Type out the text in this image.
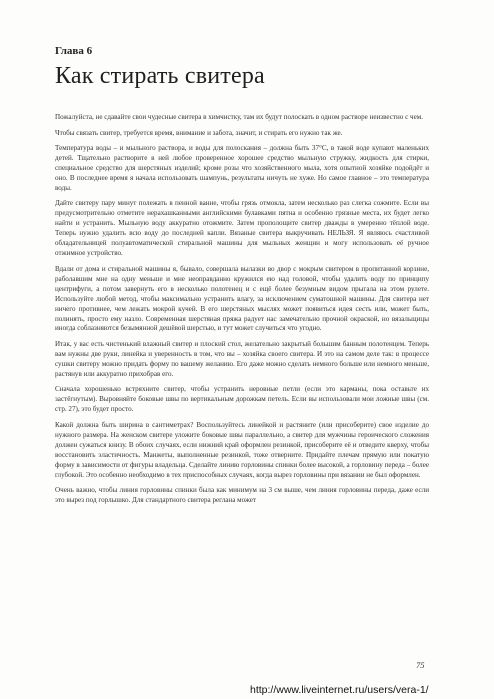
Глава 6
Как стирать свитера

Пожалуйста, не сдавайте свои чудесные свитера в химчистку, там их будут полоскать в одном растворе неизвестно с чем.

Чтобы связать свитер, требуется время, внимание и забота, значит, и стирать его нужно так же.

Температура воды – и мыльного раствора, и воды для полоскания – должна быть 37°С, в такой воде купают маленьких детей. Тщательно растворите в ней любое проверенное хорошее средство мыльную стружку, жидкость для стирки, специальное средство для шерстяных изделий; кроме розы что хозяйственного мыла, хотя опытной хозяйке подойдёт и оно. В последнее время я начала использовать шампунь, результаты ничуть не хуже. Но самое главное – это температура воды.

Дайте свитеру пару минут полежать в пенной ванне, чтобы грязь отмокла, затем несколько раз слегка сожмите. Если вы предусмотрительно отметите нерахашканными английскими булавками пятна и особенно грязные места, их будет легко найти и устранить. Мыльную воду аккуратно отожмите. Затем прополощите свитер дважды в умеренно тёплой воде. Теперь нужно удалить всю воду до последней капли. Вязаные свитера выкручивать НЕЛЬЗЯ. Я являюсь счастливой обладательницей полуавтоматической стиральной машины для мыльных женщин и могу использовать её ручное отжимное устройство.

Вдали от дома и стиральной машины я, бывало, совершала вылазки во двор с мокрым свитером в пропитанной корзине, раболавшим мне на одну меньше и мне неоправданно кружился ею над головой, чтобы удалить воду по принципу центрифуги, а потом завернуть его в несколько полотенец и с ещё более безумным видом прыгала на этом рулете. Используйте любой метод, чтобы максимально устранить влагу, за исключением суматошной машины. Для свитера нет ничего противнее, чем лежать мокрой кучей. В его шерстяных мыслях может появиться идея сесть или, может быть, полинять, просто ему назло. Современная шерстяная пряжа радует нас замечательно прочной окраской, но вязальщицы иногда соблазняются безымянной дешёвой шерстью, и тут может случиться что угодно.

Итак, у вас есть чистенький влажный свитер и плоский стол, желательно закрытый большим банным полотенцем. Теперь вам нужны две руки, линейка и уверенность в том, что вы – хозяйка своего свитера. И это на самом деле так: в процессе сушки свитеру можно придать форму по вашему желанию. Его даже можно сделать немного больше или немного меньше, растянув или аккуратно прихобрав его.

Сначала хорошенько встряхните свитер, чтобы устранить неровные петли (если это карманы, пока оставьте их застёгнутым). Выровняйте боковые швы по вертикальным дорожкам петель. Если вы использовали мои ложные швы (см. стр. 27), это будет просто.

Какой должна быть ширина в сантиметрах? Воспользуйтесь линейкой и растяните (или присоберите) свое изделие до нужного размера. На женском свитере уложите боковые швы параллельно, а свитер для мужчины героического сложения должен сужаться книзу. В обоих случаях, если нижний край оформлен резинкой, присоберите её и отведите кверху, чтобы восстановить эластичность. Манжеты, выполненные резинкой, тоже отверните. Придайте плечам прямую или покатую форму в зависимости от фигуры владельца. Сделайте линию горловины спинки более высокой, а горловину переда – более глубокой. Это особенно необходимо в тех приспособных случаях, когда вырез горловины при вязании не был оформлен.

Очень важно, чтобы линия горловины спинки была как минимум на 3 см выше, чем линия горловины переда, даже если это вырез под горлышко. Для стандартного свитера реглана может

75
http://www.liveinternet.ru/users/vera-1/
